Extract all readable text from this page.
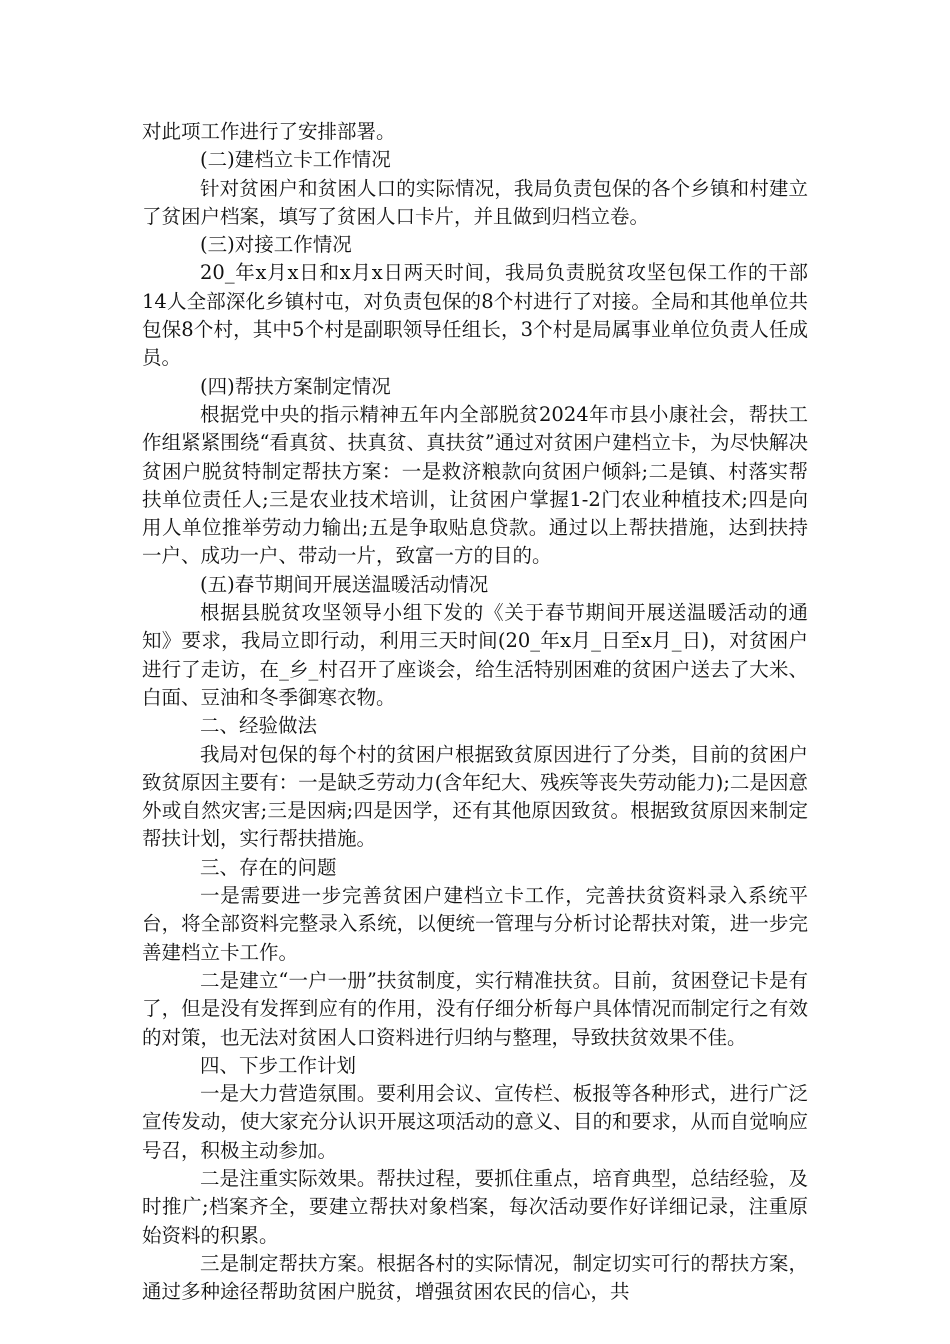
对此项工作进行了安排部署。

(二)建档立卡工作情况

针对贫困户和贫困人口的实际情况，我局负责包保的各个乡镇和村建立了贫困户档案，填写了贫困人口卡片，并且做到归档立卷。

(三)对接工作情况

20_年x月x日和x月x日两天时间，我局负责脱贫攻坚包保工作的干部14人全部深化乡镇村屯，对负责包保的8个村进行了对接。全局和其他单位共包保8个村，其中5个村是副职领导任组长，3个村是局属事业单位负责人任成员。

(四)帮扶方案制定情况

根据党中央的指示精神五年内全部脱贫2024年市县小康社会，帮扶工作组紧紧围绕“看真贫、扶真贫、真扶贫”通过对贫困户建档立卡，为尽快解决贫困户脱贫特制定帮扶方案：一是救济粮款向贫困户倾斜;二是镇、村落实帮扶单位责任人;三是农业技术培训，让贫困户掌握1-2门农业种植技术;四是向用人单位推举劳动力输出;五是争取贴息贷款。通过以上帮扶措施，达到扶持一户、成功一户、带动一片，致富一方的目的。

(五)春节期间开展送温暖活动情况

根据县脱贫攻坚领导小组下发的《关于春节期间开展送温暖活动的通知》要求，我局立即行动，利用三天时间(20_年x月_日至x月_日)，对贫困户进行了走访，在_乡_村召开了座谈会，给生活特别困难的贫困户送去了大米、白面、豆油和冬季御寒衣物。

二、经验做法

我局对包保的每个村的贫困户根据致贫原因进行了分类，目前的贫困户致贫原因主要有：一是缺乏劳动力(含年纪大、残疾等丧失劳动能力);二是因意外或自然灾害;三是因病;四是因学，还有其他原因致贫。根据致贫原因来制定帮扶计划，实行帮扶措施。

三、存在的问题

一是需要进一步完善贫困户建档立卡工作，完善扶贫资料录入系统平台，将全部资料完整录入系统，以便统一管理与分析讨论帮扶对策，进一步完善建档立卡工作。

二是建立“一户一册”扶贫制度，实行精准扶贫。目前，贫困登记卡是有了，但是没有发挥到应有的作用，没有仔细分析每户具体情况而制定行之有效的对策，也无法对贫困人口资料进行归纳与整理，导致扶贫效果不佳。

四、下步工作计划

一是大力营造氛围。要利用会议、宣传栏、板报等各种形式，进行广泛宣传发动，使大家充分认识开展这项活动的意义、目的和要求，从而自觉响应号召，积极主动参加。

二是注重实际效果。帮扶过程，要抓住重点，培育典型，总结经验，及时推广;档案齐全，要建立帮扶对象档案，每次活动要作好详细记录，注重原始资料的积累。

三是制定帮扶方案。根据各村的实际情况，制定切实可行的帮扶方案，通过多种途径帮助贫困户脱贫，增强贫困农民的信心，共
